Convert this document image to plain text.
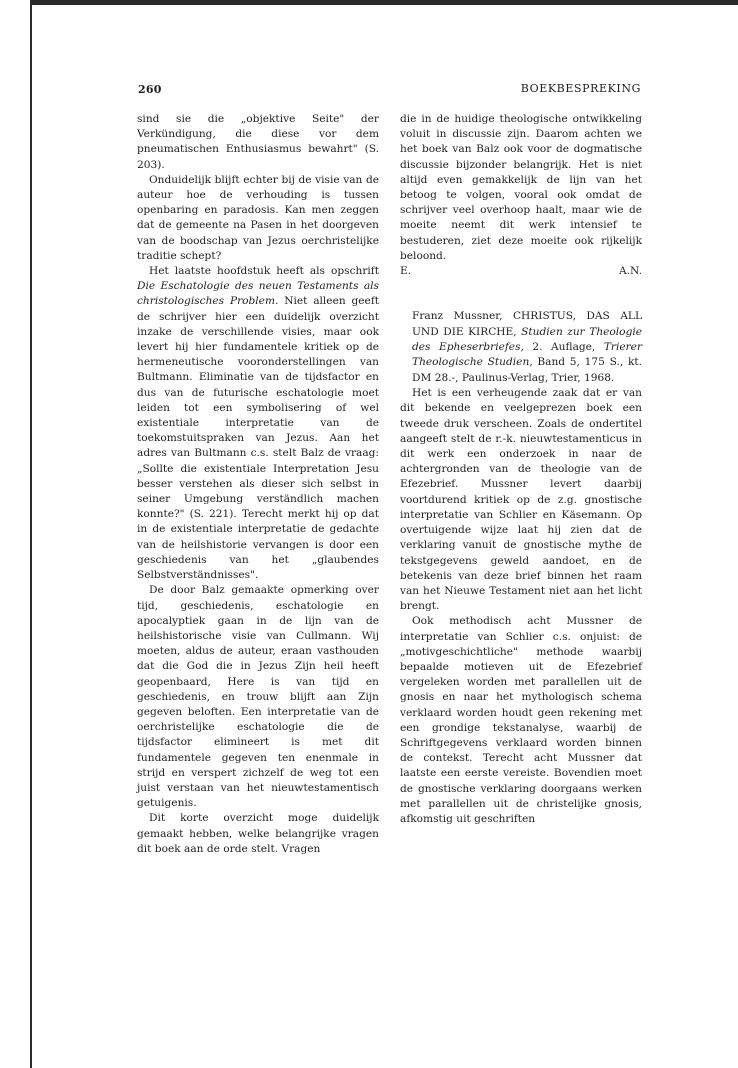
260	BOEKBESPREKING

sind sie die „objektive Seite" der Verkündigung, die diese vor dem pneumatischen Enthusiasmus bewahrt" (S. 203).

Onduidelijk blijft echter bij de visie van de auteur hoe de verhouding is tussen openbaring en paradosis. Kan men zeggen dat de gemeente na Pasen in het doorgeven van de boodschap van Jezus oerchristelijke traditie schept?

Het laatste hoofdstuk heeft als opschrift Die Eschatologie des neuen Testaments als christologisches Problem. Niet alleen geeft de schrijver hier een duidelijk overzicht inzake de verschillende visies, maar ook levert hij hier fundamentele kritiek op de hermeneutische vooronderstellingen van Bultmann. Eliminatie van de tijdsfactor en dus van de futurische eschatologie moet leiden tot een symbolisering of wel existentiale interpretatie van de toekomstuitspraken van Jezus. Aan het adres van Bultmann c.s. stelt Balz de vraag: „Sollte die existentiale Interpretation Jesu besser verstehen als dieser sich selbst in seiner Umgebung verständlich machen konnte?" (S. 221). Terecht merkt hij op dat in de existentiale interpretatie de gedachte van de heilshistorie vervangen is door een geschiedenis van het „glaubendes Selbstverständnisses".

De door Balz gemaakte opmerking over tijd, geschiedenis, eschatologie en apocalyptiek gaan in de lijn van de heilshistorische visie van Cullmann. Wij moeten, aldus de auteur, eraan vasthouden dat die God die in Jezus Zijn heil heeft geopenbaard, Here is van tijd en geschiedenis, en trouw blijft aan Zijn gegeven beloften. Een interpretatie van de oerchristelijke eschatologie die de tijdsfactor elimineert is met dit fundamentele gegeven ten enenmale in strijd en verspert zichzelf de weg tot een juist verstaan van het nieuwtestamentisch getuigenis.

Dit korte overzicht moge duidelijk gemaakt hebben, welke belangrijke vragen dit boek aan de orde stelt. Vragen

die in de huidige theologische ontwikkeling voluit in discussie zijn. Daarom achten we het boek van Balz ook voor de dogmatische discussie bijzonder belangrijk. Het is niet altijd even gemakkelijk de lijn van het betoog te volgen, vooral ook omdat de schrijver veel overhoop haalt, maar wie de moeite neemt dit werk intensief te bestuderen, ziet deze moeite ook rijkelijk beloond.

E.	A.N.
Franz Mussner, CHRISTUS, DAS ALL UND DIE KIRCHE, Studien zur Theologie des Epheserbriefes, 2. Auflage, Trierer Theologische Studien, Band 5, 175 S., kt. DM 28.-, Paulinus-Verlag, Trier, 1968.

Het is een verheugende zaak dat er van dit bekende en veelgeprezen boek een tweede druk verscheen. Zoals de ondertitel aangeeft stelt de r.-k. nieuwtestamenticus in dit werk een onderzoek in naar de achtergronden van de theologie van de Efezebrief. Mussner levert daarbij voortdurend kritiek op de z.g. gnostische interpretatie van Schlier en Käsemann. Op overtuigende wijze laat hij zien dat de verklaring vanuit de gnostische mythe de tekstgegevens geweld aandoet, en de betekenis van deze brief binnen het raam van het Nieuwe Testament niet aan het licht brengt.

Ook methodisch acht Mussner de interpretatie van Schlier c.s. onjuist: de „motivgeschichtliche" methode waarbij bepaalde motieven uit de Efezebrief vergeleken worden met parallellen uit de gnosis en naar het mythologisch schema verklaard worden houdt geen rekening met een grondige tekstanalyse, waarbij de Schriftgegevens verklaard worden binnen de contekst. Terecht acht Mussner dat laatste een eerste vereiste. Bovendien moet de gnostische verklaring doorgaans werken met parallellen uit de christelijke gnosis, afkomstig uit geschriften
